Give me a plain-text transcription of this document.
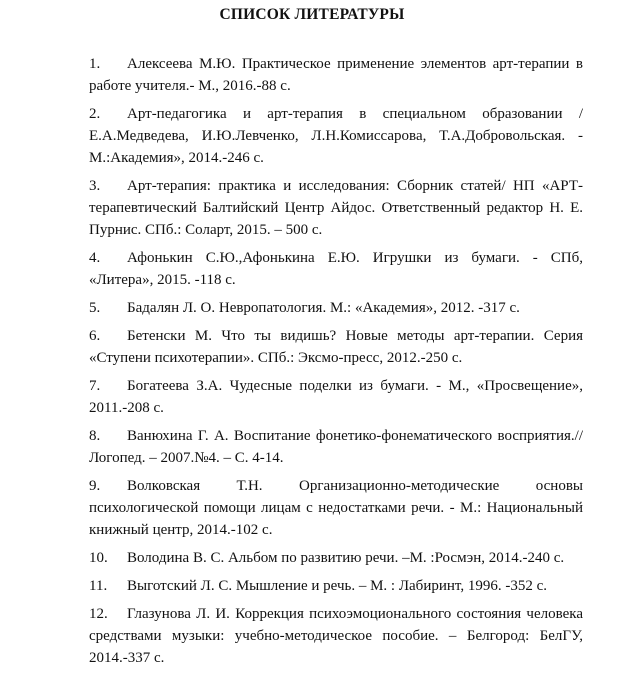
СПИСОК ЛИТЕРАТУРЫ
1.	Алексеева М.Ю. Практическое применение элементов арт-терапии в работе учителя.- М., 2016.-88 с.
2.	Арт-педагогика и арт-терапия в специальном образовании / Е.А.Медведева, И.Ю.Левченко, Л.Н.Комиссарова, Т.А.Добровольская. - М.:Академия», 2014.-246 с.
3.	Арт-терапия: практика и исследования: Сборник статей/ НП «АРТ-терапевтический Балтийский Центр Айдос. Ответственный редактор Н. Е. Пурнис. СПб.: Соларт, 2015. – 500 с.
4.	Афонькин С.Ю.,Афонькина Е.Ю. Игрушки из бумаги. - СПб, «Литера», 2015. -118 с.
5.	Бадалян Л. О. Невропатология. М.: «Академия», 2012. -317 с.
6.	Бетенски М. Что ты видишь? Новые методы арт-терапии. Серия «Ступени психотерапии». СПб.: Эксмо-пресс, 2012.-250 с.
7.	Богатеева З.А. Чудесные поделки из бумаги. - М., «Просвещение», 2011.-208 с.
8.	Ванюхина Г. А. Воспитание фонетико-фонематического восприятия.// Логопед. – 2007.№4. – С. 4-14.
9.	Волковская Т.Н. Организационно-методические основы психологической помощи лицам с недостатками речи. - М.: Национальный книжный центр, 2014.-102 с.
10.	Володина В. С. Альбом по развитию речи. –М. :Росмэн, 2014.-240 с.
11.	Выготский Л. С. Мышление и речь. – М. : Лабиринт, 1996. -352 с.
12.	Глазунова Л. И. Коррекция психоэмоционального состояния человека средствами музыки: учебно-методическое пособие. – Белгород: БелГУ, 2014.-337 с.
